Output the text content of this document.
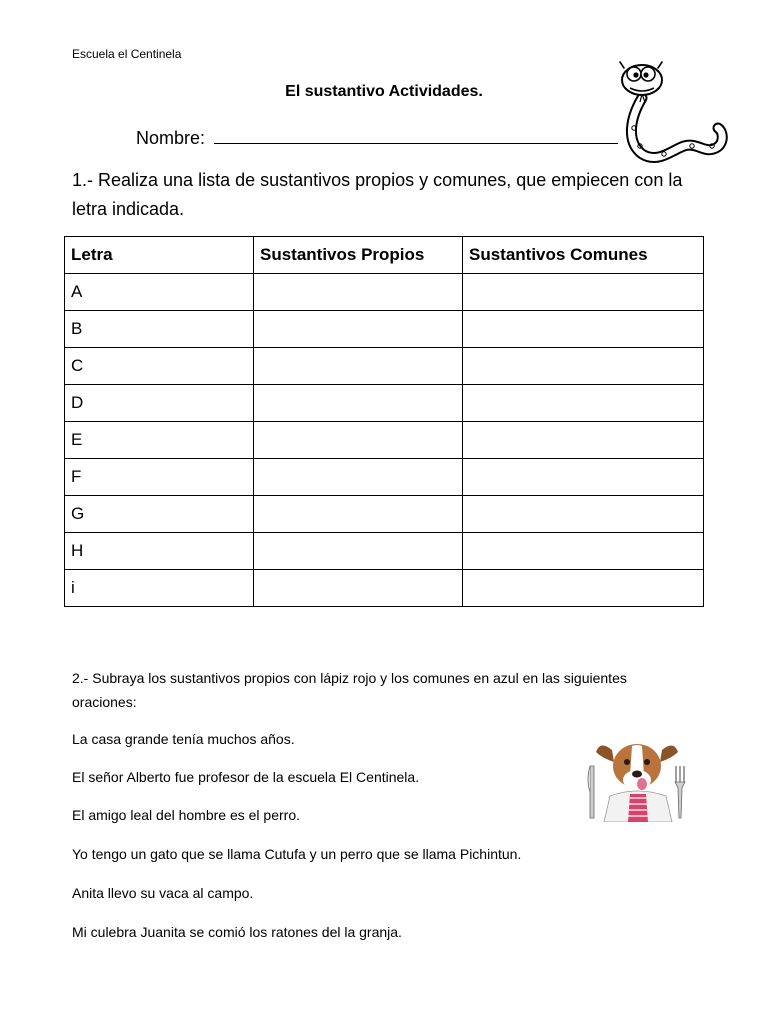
Escuela el Centinela
El sustantivo Actividades.
Nombre:
1.- Realiza una lista de sustantivos propios y comunes, que empiecen con la letra indicada.
Letra	Sustantivos Propios	Sustantivos Comunes
A		
B		
C		
D		
E		
F		
G		
H		
i		
2.- Subraya los sustantivos propios con lápiz rojo y los comunes en azul en las siguientes oraciones:
La casa grande tenía muchos años.
El señor Alberto fue profesor de la escuela El Centinela.
El amigo leal del hombre es el perro.
Yo tengo un gato que se llama Cutufa y un perro que se llama Pichintun.
Anita llevo su vaca al campo.
Mi culebra Juanita se comió los ratones del la granja.
